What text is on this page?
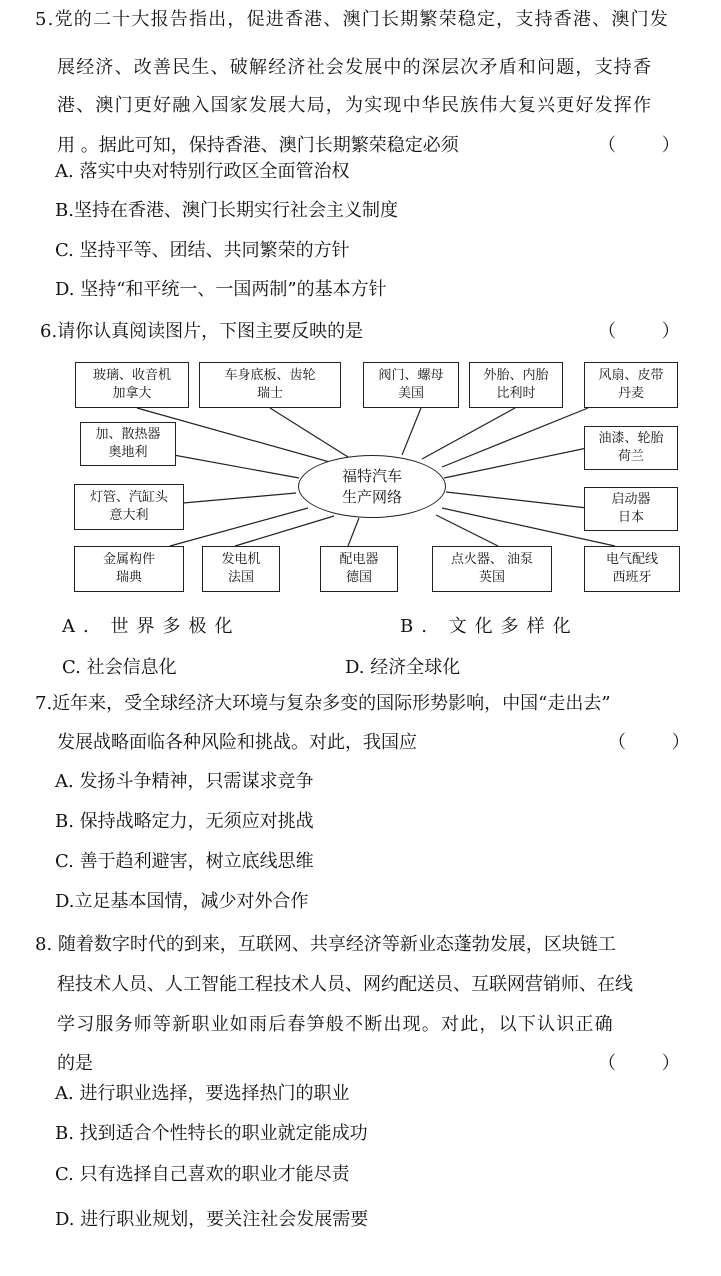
5.党的二十大报告指出，促进香港、澳门长期繁荣稳定，支持香港、澳门发
展经济、改善民生、破解经济社会发展中的深层次矛盾和问题，支持香
港、澳门更好融入国家发展大局，为实现中华民族伟大复兴更好发挥作
用 。据此可知，保持香港、澳门长期繁荣稳定必须	（        ）
A. 落实中央对特别行政区全面管治权
B.坚持在香港、澳门长期实行社会主义制度
C. 坚持平等、团结、共同繁荣的方针
D. 坚持“和平统一、一国两制”的基本方针
6.请你认真阅读图片，下图主要反映的是	（        ）
福特汽车
生产网络
玻璃、收音机
加拿大
车身底板、齿轮
瑞士
阀门、螺母
美国
外胎、内胎
比利时
风扇、皮带
丹麦
加、散热器
奥地利
油漆、轮胎
荷兰
灯管、汽缸头
意大利
启动器
日本
金属构件
瑞典
发电机
法国
配电器
德国
点火器、 油泵
英国
电气配线
西班牙
A. 世界多极化	B. 文化多样化
C. 社会信息化	D. 经济全球化
7.近年来，受全球经济大环境与复杂多变的国际形势影响，中国“走出去”
发展战略面临各种风险和挑战。对此，我国应	（        ）
A. 发扬斗争精神，只需谋求竞争
B. 保持战略定力，无须应对挑战
C. 善于趋利避害，树立底线思维
D.立足基本国情，减少对外合作
8. 随着数字时代的到来，互联网、共享经济等新业态蓬勃发展，区块链工
程技术人员、人工智能工程技术人员、网约配送员、互联网营销师、在线
学习服务师等新职业如雨后春笋般不断出现。对此，以下认识正确
的是	（        ）
A. 进行职业选择，要选择热门的职业
B. 找到适合个性特长的职业就定能成功
C. 只有选择自己喜欢的职业才能尽责
D. 进行职业规划，要关注社会发展需要
